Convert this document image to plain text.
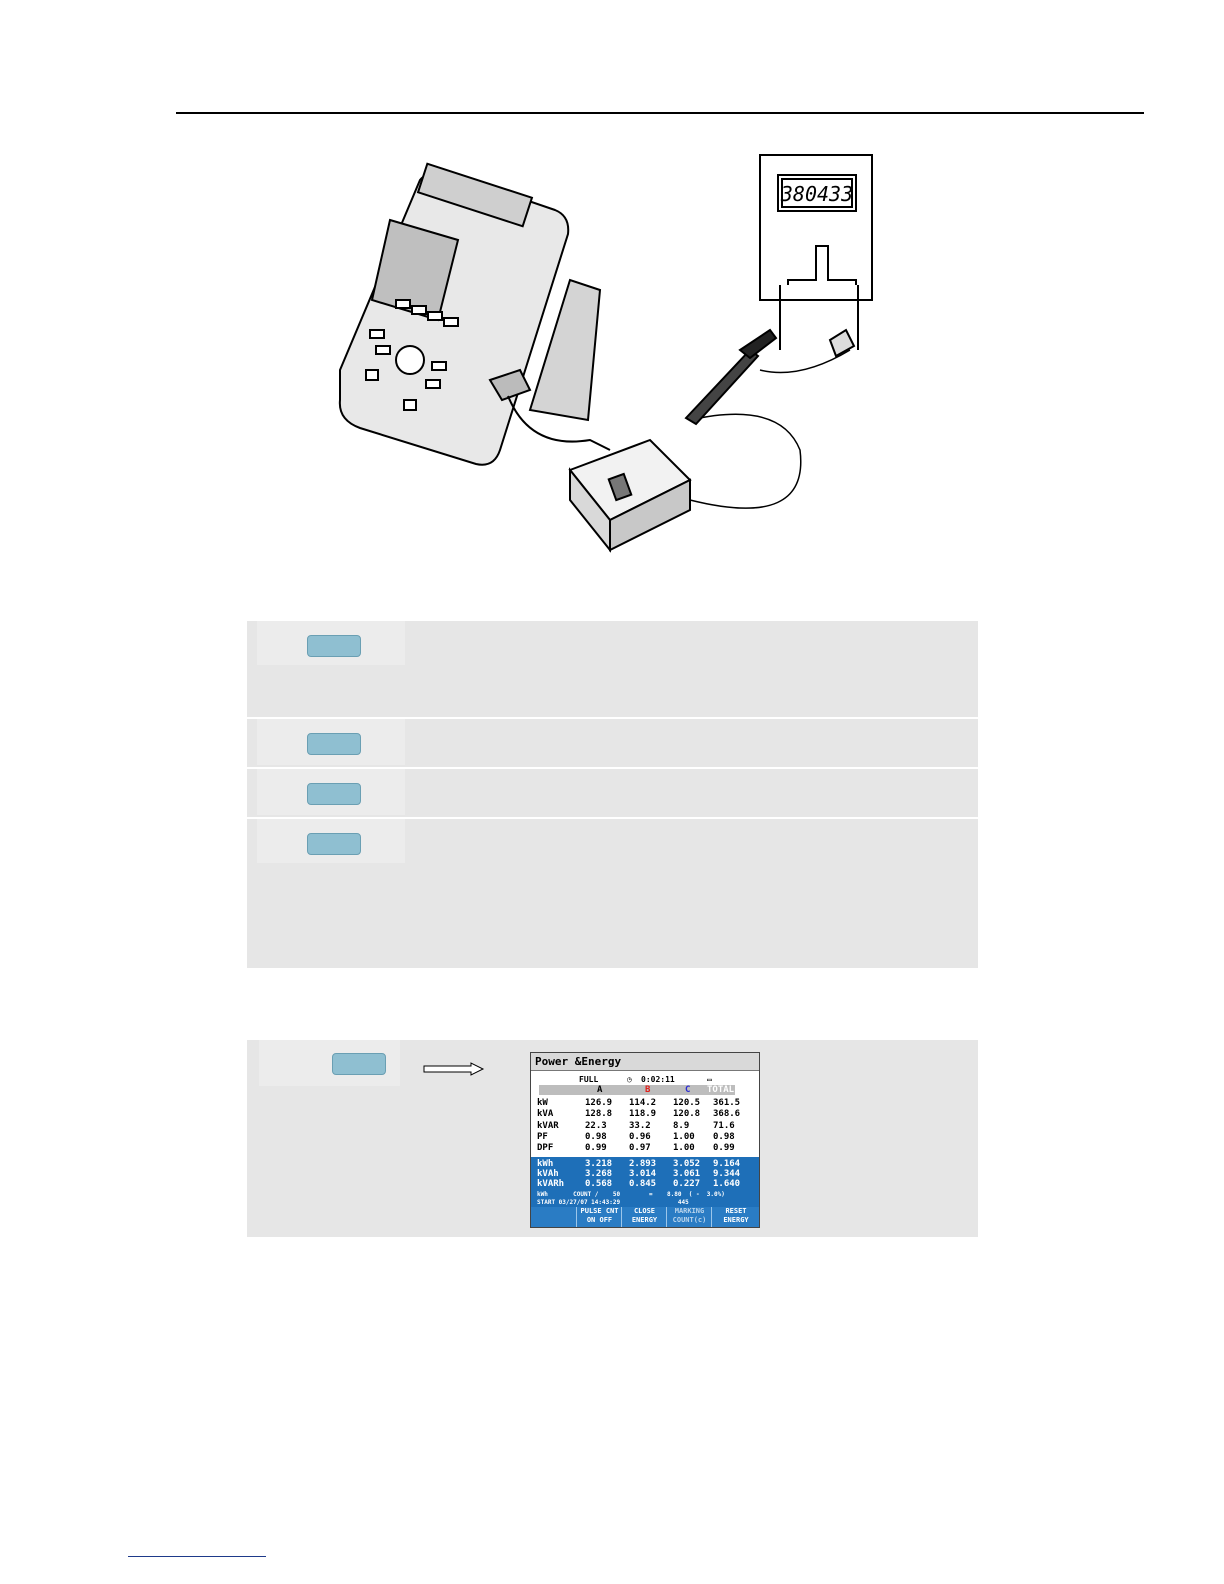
380433
Power &Energy
FULL	◷ 0:02:11	▭
A	B	C TOTAL
kW	126.9 114.2 120.5 361.5
kVA	128.8 118.9 120.8 368.6
kVAR	22.3 33.2 8.9	71.6
PF	0.98 0.96 1.00 0.98
DPF	0.99 0.97 1.00 0.99
kWh	3.218 2.893 3.052 9.164
kVAh	3.268 3.014 3.061 9.344
kVARh 0.568 0.845 0.227 1.640
kWh       COUNT /    50        =    8.80  ( -  3.0%)
START 03/27/07 14:43:29                445
PULSE CNT
ON OFF
CLOSE
ENERGY
MARKING
COUNT(c)
RESET
ENERGY
